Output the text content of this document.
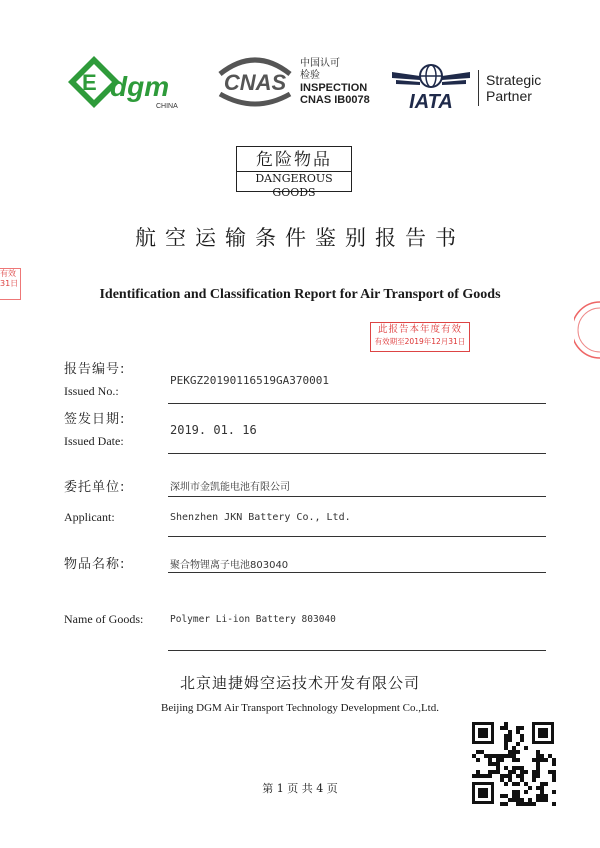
E dgm
CHINA
CNAS
中国认可
检验
INSPECTION
CNAS IB0078 IATA
Strategic
Partner
危险物品
DANGEROUS GOODS
航空运输条件鉴别报告书
Identification and Classification Report for Air Transport of Goods
有效
31日
此报告本年度有效
有效期至2019年12月31日
报告编号:
Issued No.:
PEKGZ20190116519GA370001
签发日期:
Issued Date:
2019. 01. 16
委托单位:	深圳市金凯能电池有限公司
Applicant:	Shenzhen JKN Battery Co., Ltd.
物品名称:	聚合物锂离子电池803040
Name of Goods:	Polymer Li-ion Battery 803040
北京迪捷姆空运技术开发有限公司
Beijing DGM Air Transport Technology Development Co.,Ltd.
第 1 页 共 4 页
